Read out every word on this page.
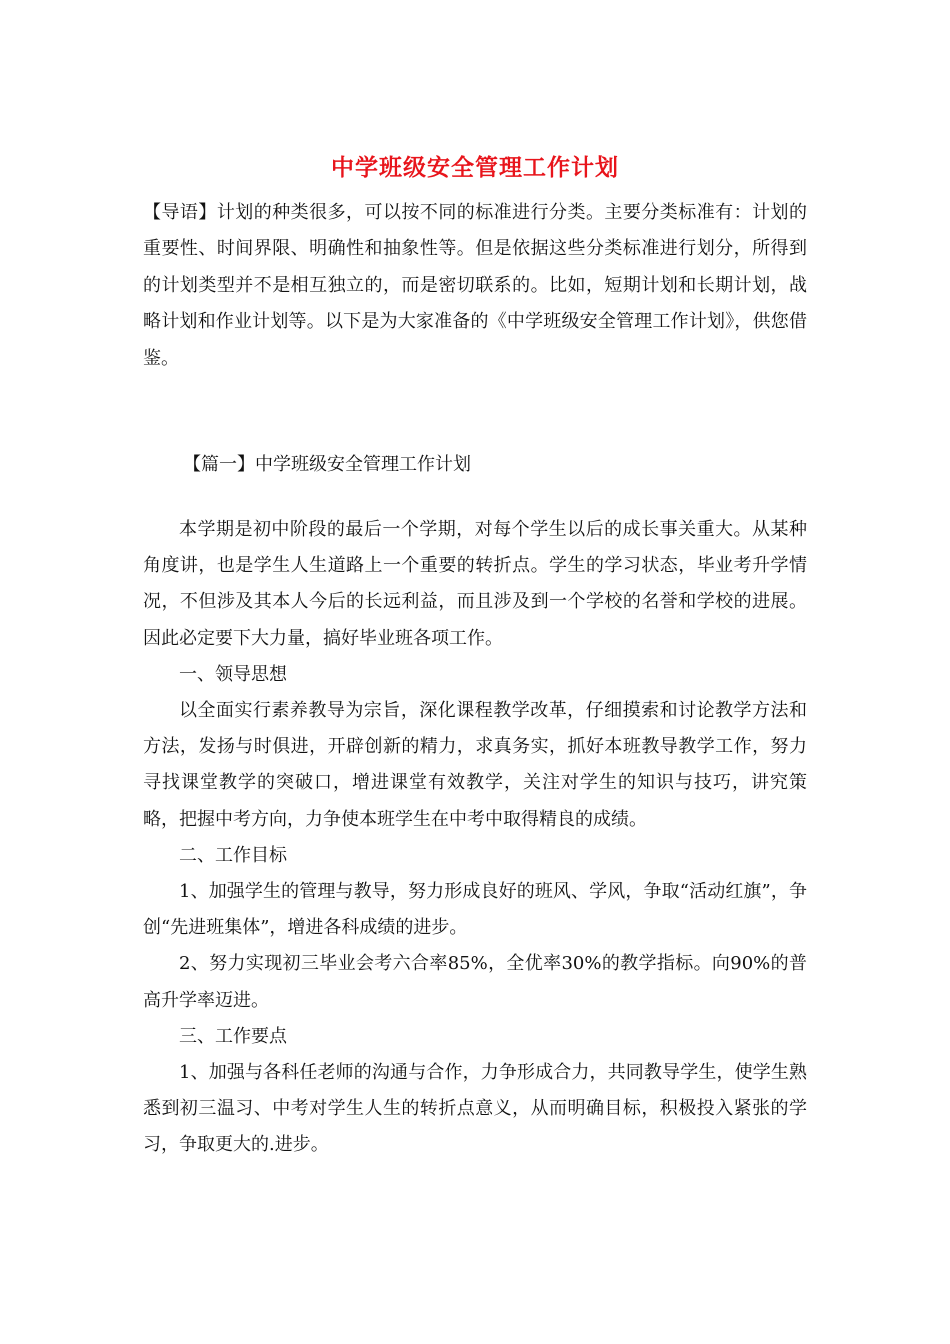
中学班级安全管理工作计划

【导语】计划的种类很多，可以按不同的标准进行分类。主要分类标准有：计划的重要性、时间界限、明确性和抽象性等。但是依据这些分类标准进行划分，所得到的计划类型并不是相互独立的，而是密切联系的。比如，短期计划和长期计划，战略计划和作业计划等。以下是为大家准备的《中学班级安全管理工作计划》，供您借鉴。

【篇一】中学班级安全管理工作计划

本学期是初中阶段的最后一个学期，对每个学生以后的成长事关重大。从某种角度讲，也是学生人生道路上一个重要的转折点。学生的学习状态，毕业考升学情况，不但涉及其本人今后的长远利益，而且涉及到一个学校的名誉和学校的进展。因此必定要下大力量，搞好毕业班各项工作。

一、领导思想

以全面实行素养教导为宗旨，深化课程教学改革，仔细摸索和讨论教学方法和方法，发扬与时俱进，开辟创新的精力，求真务实，抓好本班教导教学工作，努力寻找课堂教学的突破口，增进课堂有效教学，关注对学生的知识与技巧，讲究策略，把握中考方向，力争使本班学生在中考中取得精良的成绩。

二、工作目标

1、加强学生的管理与教导，努力形成良好的班风、学风，争取“活动红旗”，争创“先进班集体”，增进各科成绩的进步。

2、努力实现初三毕业会考六合率85%，全优率30%的教学指标。向90%的普高升学率迈进。

三、工作要点

1、加强与各科任老师的沟通与合作，力争形成合力，共同教导学生，使学生熟悉到初三温习、中考对学生人生的转折点意义，从而明确目标，积极投入紧张的学习，争取更大的.进步。
